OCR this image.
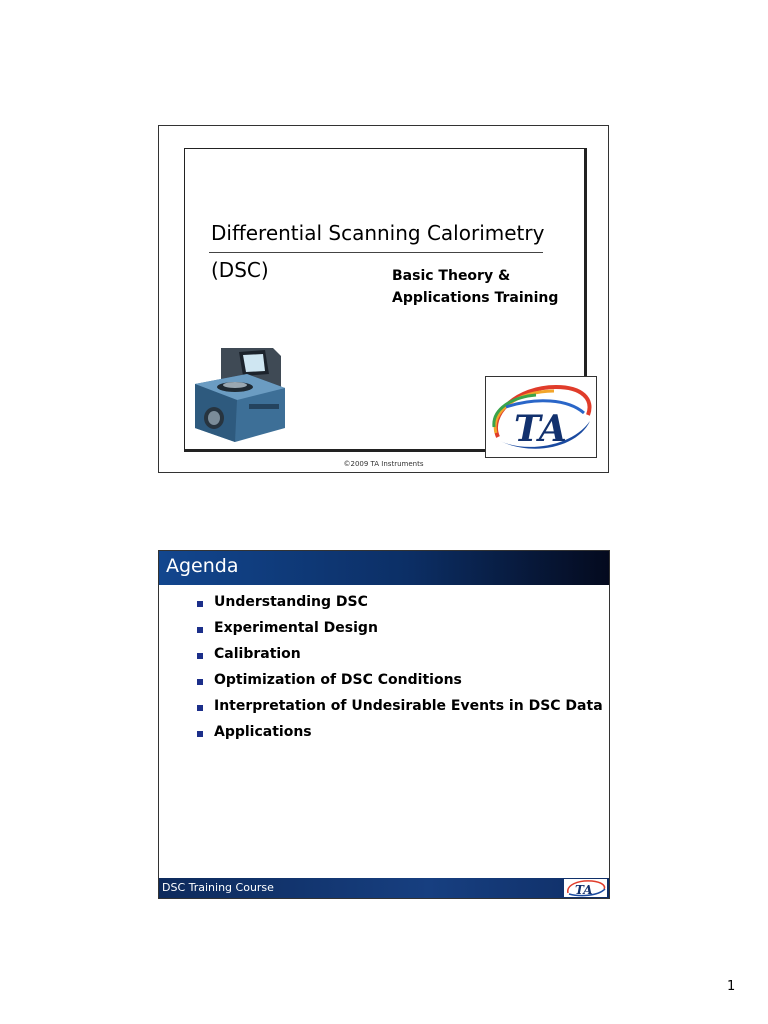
Differential Scanning Calorimetry
(DSC)	Basic Theory &
Applications Training
TA
©2009 TA Instruments
Agenda
Understanding DSC
Experimental Design
Calibration
Optimization of DSC Conditions
Interpretation of Undesirable Events in DSC Data
Applications
DSC Training Course	TA
1
